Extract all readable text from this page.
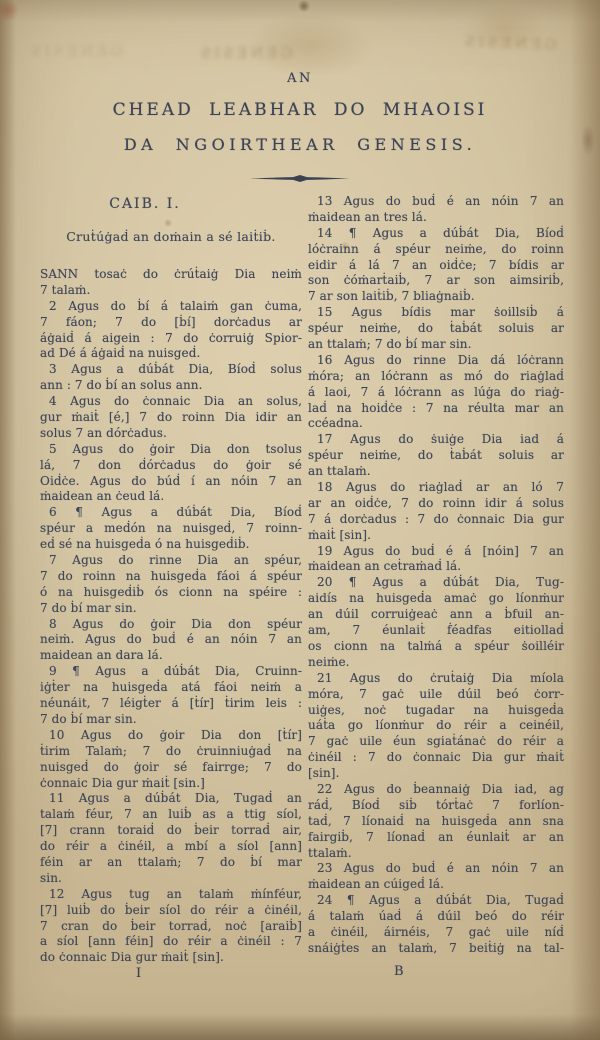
GENESIS	GENESIS	GENESIS
AN
CHEAD LEABHAR DO MHAOISI
DA NGOIRTHEAR GENESIS.
CAIB. I.
Cruṫúġaḋ an doṁain a sé laiṫiḃ.
SANN tosaċ do ċrúṫaiġ Dia neiṁ
7 talaṁ.
2 Agus do ḃí á talaiṁ gan ċuma,
7 fáon; 7 do [ḃí] dorċadus ar
áġaiḋ á aigein : 7 do ċorruiġ Spior-
ad Dé á áġaiḋ na nuisgeḋ.
3 Agus a dúḃát Dia, Bíoḋ solus
ann : 7 do ḃí an solus ann.
4 Agus do ċonnaic Dia an solus,
gur ṁaiṫ [é,] 7 do roinn Dia idir an
solus 7 an dórċadus.
5 Agus do ġoir Dia don tsolus
lá, 7 don ḋórċadus do ġoir sé
Oiḋċe. Agus do búḋ í an nóin 7 an
ṁaidean an ċeud lá.
6 ¶ Agus a dúḃát Dia, Bíoḋ
spéur a meḋón na nuisgeḋ, 7 roinn-
eḋ sé na huisgeḋa ó na huisgeḋiḃ.
7 Agus do rinne Dia an spéur,
7 do roinn na huisgeḋa fáoi á spéur
ó na huisgeḋiḃ ós cionn na spéire :
7 do ḃí mar sin.
8 Agus do ġoir Dia don spéur
neiṁ. Agus do buḋ é an nóin 7 an
maidean an dara lá.
9 ¶ Agus a dúḃát Dia, Cruinn-
iġṫer na huisgeḋa atá fáoi neiṁ a
néunáit, 7 léigṫer á [ṫír] ṫirim leis :
7 do ḃí mar sin.
10 Agus do ġoir Dia don [ṫír]
ṫirim Talaṁ; 7 do ċruinniuġaḋ na
nuisgeḋ do ġoir sé fairrge; 7 do
ċonnaic Dia gur ṁaiṫ [sin.]
11 Agus a dúḃát Dia, Tugaḋ an
talaṁ féur, 7 an luiḃ as a ttig síol,
[7] crann toraiḋ do ḃeir torraḋ air,
do réir a ċinéil, a mbí a síol [ann]
féin ar an ttalaṁ; 7 do ḃí mar
sin.
12 Agus tug an talaṁ ṁínféur,
[7] luiḃ do ḃeir síol do réir a ċinéil,
7 cran do ḃeir torraḋ, noċ [araiḃ]
a síol [ann féin] do réir a ċinéil : 7
do ċonnaic Dia gur ṁaiṫ [sin].
13 Agus do buḋ é an nóin 7 an
ṁaidean an tres lá.
14 ¶ Agus a dúḃát Dia, Bíoḋ
lóċrainn á spéur neiṁe, do roinn
eidir á lá 7 an oiḋċe; 7 bídis ar
son ċóṁarṫaiḃ, 7 ar son aimsiriḃ,
7 ar son laiṫiḃ, 7 bliaġnaiḃ.
15 Agus bídis mar ṡoillsiḃ á
spéur neiṁe, do ṫaḃát soluis ar
an ttalaṁ; 7 do ḃí mar sin.
16 Agus do rinne Dia dá lóċrann
ṁóra; an lóċrann as mó do riaġlaḋ
á laoi, 7 á lóċrann as lúġa do riaġ-
laḋ na hoiḋċe : 7 na réulta mar an
ccéadna.
17 Agus do ṡuiġe Dia iad á
spéur neiṁe, do ṫaḃát soluis ar
an ttalaṁ.
18 Agus do riaġlaḋ ar an ló 7
ar an oiḋċe, 7 do roinn idir á solus
7 á dorċadus : 7 do ċonnaic Dia gur
ṁaiṫ [sin].
19 Agus do buḋ é á [nóin] 7 an
ṁaidean an ceṫraṁaḋ lá.
20 ¶ Agus a dúḃát Dia, Tug-
aidís na huisgeḋa amaċ go líonṁur
an dúil corruiġeaċ ann a ḃfuil an-
am, 7 éunlaiṫ ḟéadfas eitiollaḋ
os cionn na talṁá a spéur ṡoilléir
neiṁe.
21 Agus do ċruṫaiġ Dia míola
móra, 7 gaċ uile dúil beó ċorr-
uiġes, noċ tugadar na huisgeḋa
uáṫa go líonṁur do réir a ceinéil,
7 gaċ uile éun sgiaṫánaċ do réir a
ċinéil : 7 do ċonnaic Dia gur ṁaiṫ
[sin].
22 Agus do ḃeannaiġ Dia iad, ag
ráḋ, Bíoḋ siḃ tórṫaċ 7 forlíon-
taḋ, 7 líonaiḋ na huisgeḋa ann sna
fairgiḃ, 7 líonaḋ an éunlaiṫ ar an
ttalaṁ.
23 Agus do buḋ é an nóin 7 an
ṁaidean an cúigeḋ lá.
24 ¶ Agus a dúḃát Dia, Tugaḋ
á talaṁ úaḋ á dúil beó do réir
a ċinéil, áirnéis, 7 gaċ uile níḋ
snáiġṫes an talaṁ, 7 beiṫiġ na tal-
I	B
